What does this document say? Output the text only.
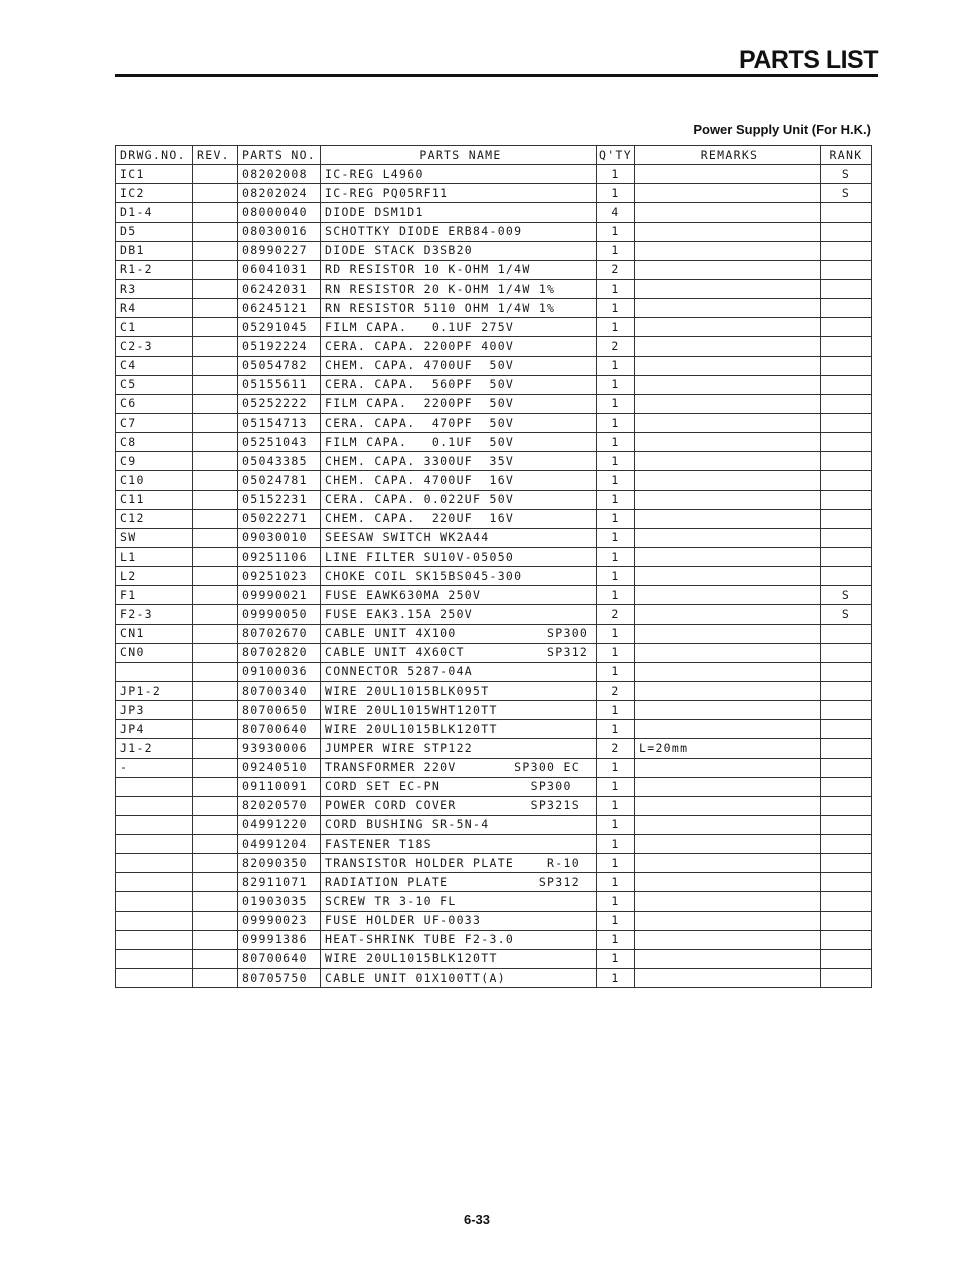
PARTS LIST
Power Supply Unit (For H.K.)
DRWG.NO.	REV.	PARTS NO.	PARTS NAME	Q'TY	REMARKS	RANK
IC1		08202008	IC-REG L4960	1		S
IC2		08202024	IC-REG PQ05RF11	1		S
D1-4		08000040	DIODE DSM1D1	4		
D5		08030016	SCHOTTKY DIODE ERB84-009	1		
DB1		08990227	DIODE STACK D3SB20	1		
R1-2		06041031	RD RESISTOR 10 K-OHM 1/4W	2		
R3		06242031	RN RESISTOR 20 K-OHM 1/4W 1%	1		
R4		06245121	RN RESISTOR 5110 OHM 1/4W 1%	1		
C1		05291045	FILM CAPA.   0.1UF 275V	1		
C2-3		05192224	CERA. CAPA. 2200PF 400V	2		
C4		05054782	CHEM. CAPA. 4700UF  50V	1		
C5		05155611	CERA. CAPA.  560PF  50V	1		
C6		05252222	FILM CAPA.  2200PF  50V	1		
C7		05154713	CERA. CAPA.  470PF  50V	1		
C8		05251043	FILM CAPA.   0.1UF  50V	1		
C9		05043385	CHEM. CAPA. 3300UF  35V	1		
C10		05024781	CHEM. CAPA. 4700UF  16V	1		
C11		05152231	CERA. CAPA. 0.022UF 50V	1		
C12		05022271	CHEM. CAPA.  220UF  16V	1		
SW		09030010	SEESAW SWITCH WK2A44	1		
L1		09251106	LINE FILTER SU10V-05050	1		
L2		09251023	CHOKE COIL SK15BS045-300	1		
F1		09990021	FUSE EAWK630MA 250V	1		S
F2-3		09990050	FUSE EAK3.15A 250V	2		S
CN1		80702670	CABLE UNIT 4X100           SP300	1		
CN0		80702820	CABLE UNIT 4X60CT          SP312	1		
		09100036	CONNECTOR 5287-04A	1		
JP1-2		80700340	WIRE 20UL1015BLK095T	2		
JP3		80700650	WIRE 20UL1015WHT120TT	1		
JP4		80700640	WIRE 20UL1015BLK120TT	1		
J1-2		93930006	JUMPER WIRE STP122	2	L=20mm	
-		09240510	TRANSFORMER 220V       SP300 EC	1		
		09110091	CORD SET EC-PN           SP300	1		
		82020570	POWER CORD COVER         SP321S	1		
		04991220	CORD BUSHING SR-5N-4	1		
		04991204	FASTENER T18S	1		
		82090350	TRANSISTOR HOLDER PLATE    R-10	1		
		82911071	RADIATION PLATE           SP312	1		
		01903035	SCREW TR 3-10 FL	1		
		09990023	FUSE HOLDER UF-0033	1		
		09991386	HEAT-SHRINK TUBE F2-3.0	1		
		80700640	WIRE 20UL1015BLK120TT	1		
		80705750	CABLE UNIT 01X100TT(A)	1		
6-33
